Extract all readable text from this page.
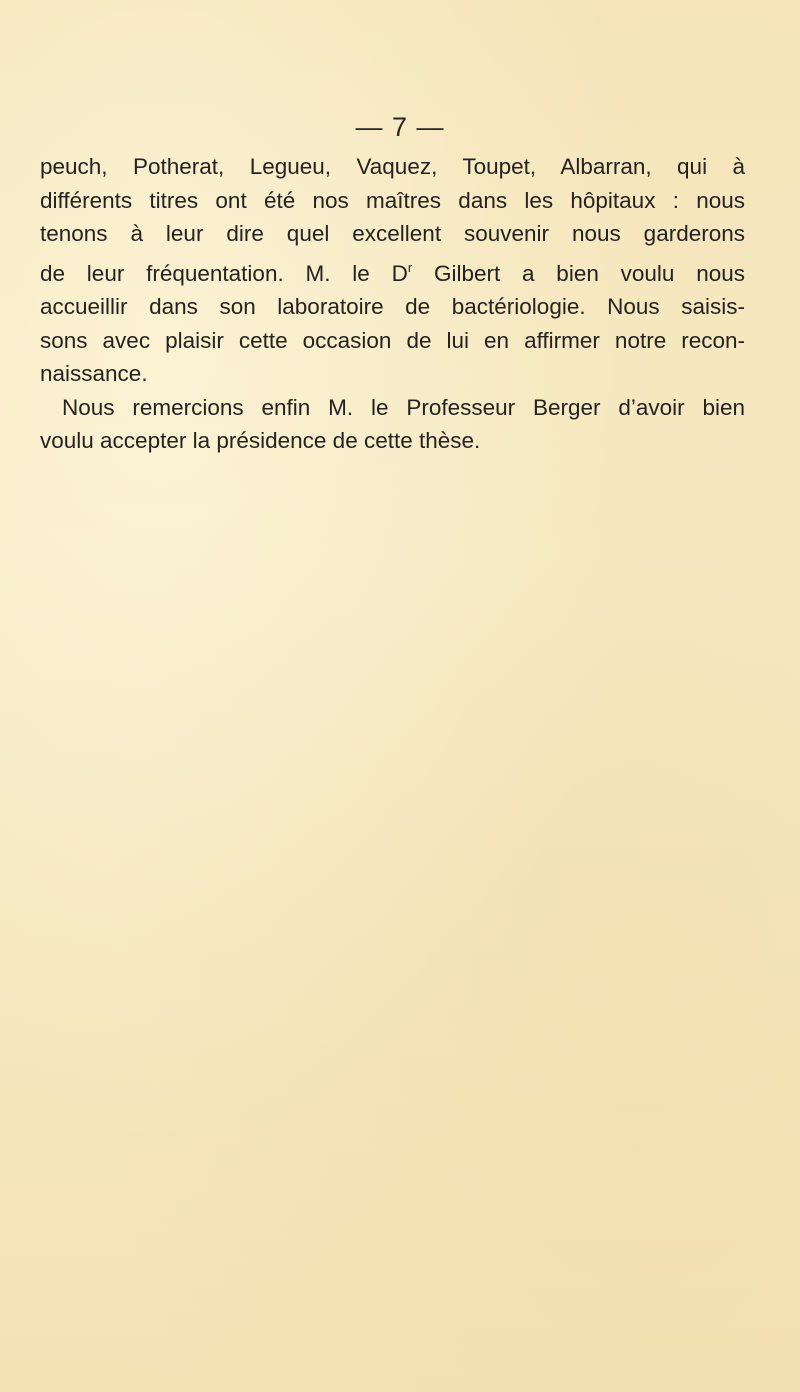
— 7 —
peuch, Potherat, Legueu, Vaquez, Toupet, Albarran, qui à
différents titres ont été nos maîtres dans les hôpitaux : nous
tenons à leur dire quel excellent souvenir nous garderons
de leur fréquentation. M. le $D^r$ Gilbert a bien voulu nous
accueillir dans son laboratoire de bactériologie. Nous saisis-
sons avec plaisir cette occasion de lui en affirmer notre recon-
naissance.
Nous remercions enfin M. le Professeur Berger d’avoir bien
voulu accepter la présidence de cette thèse.
